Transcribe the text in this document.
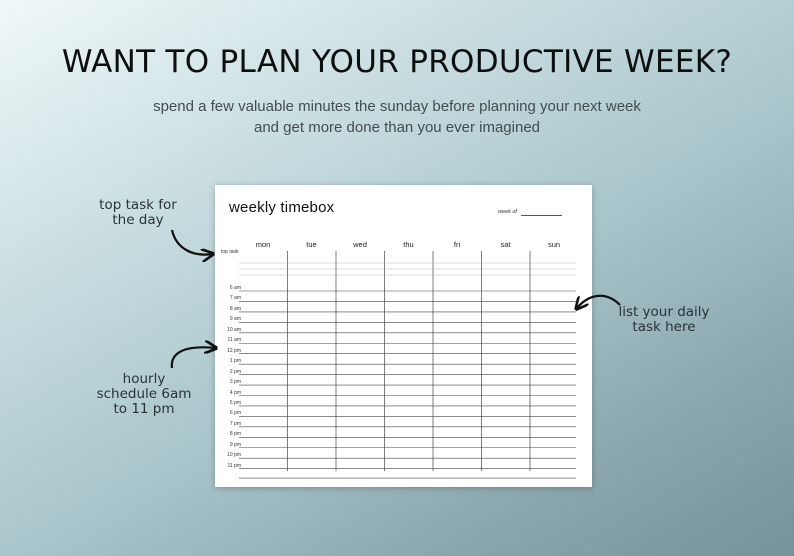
WANT TO PLAN YOUR PRODUCTIVE WEEK?
spend a few valuable minutes the sunday before planning your next week and get more done than you ever imagined
top task for the day
list your daily task here
hourly schedule 6am to 11 pm
weekly timebox	week of
mon	tue	wed	thu	fri	sat	sun
top task
6 am
7 am
8 am
9 am
10 am
11 am
12 pm
1 pm
2 pm
3 pm
4 pm
5 pm
6 pm
7 pm
8 pm
9 pm
10 pm
11 pm
